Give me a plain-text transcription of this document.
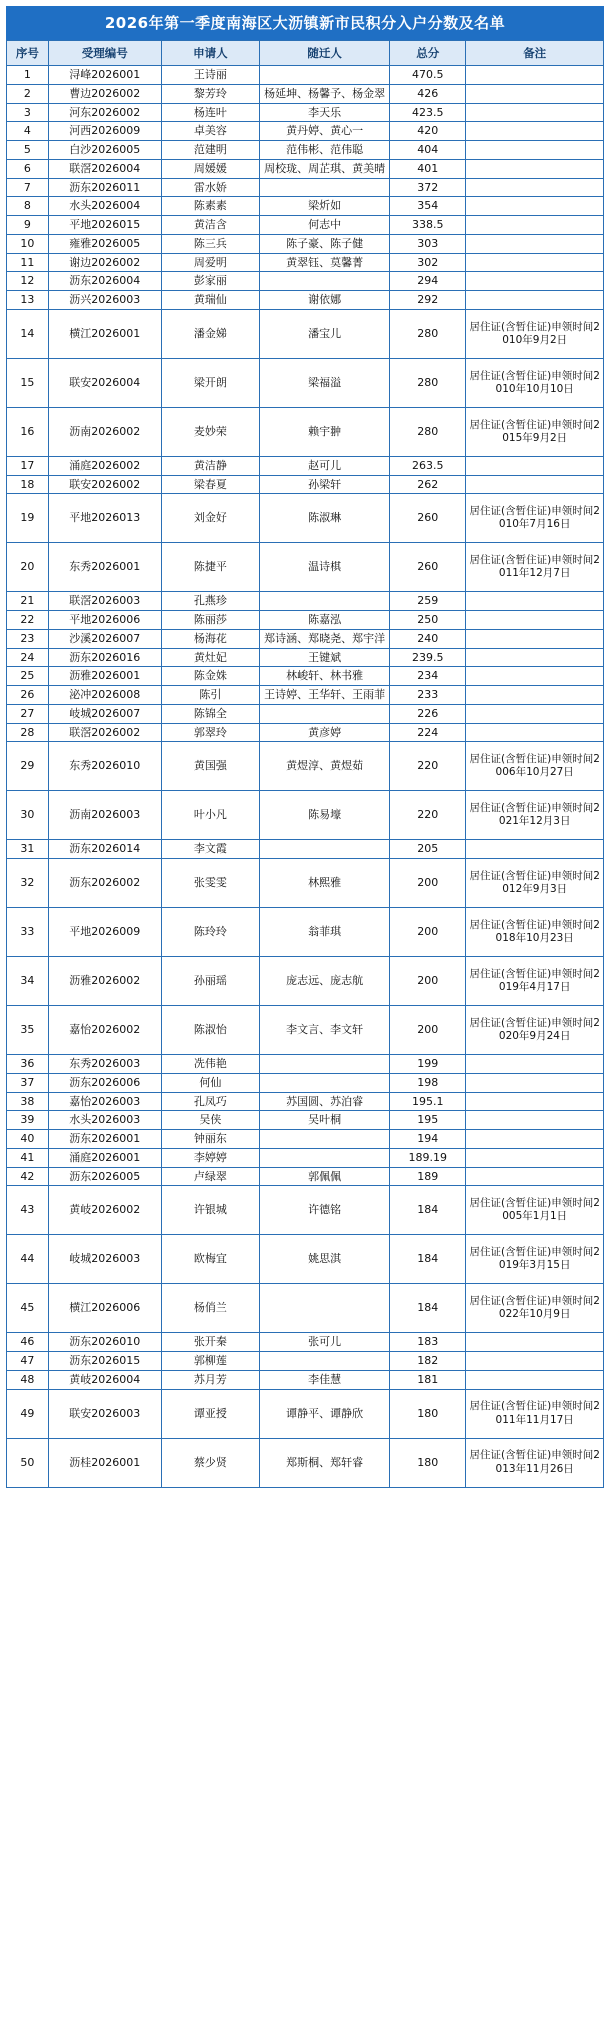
2026年第一季度南海区大沥镇新市民积分入户分数及名单
序号	受理编号	申请人	随迁人	总分	备注
1	浔峰2026001	王诗丽		470.5	
2	曹边2026002	黎芳玲	杨延坤、杨馨予、杨金翠	426	
3	河东2026002	杨连叶	李天乐	423.5	
4	河西2026009	卓美容	黄丹婷、黄心一	420	
5	白沙2026005	范建明	范伟彬、范伟聪	404	
6	联滘2026004	周媛媛	周校珑、周芷琪、黄美晴	401	
7	沥东2026011	雷水娇		372	
8	水头2026004	陈素素	梁炘如	354	
9	平地2026015	黄洁含	何志中	338.5	
10	雍雅2026005	陈三兵	陈子豪、陈子健	303	
11	谢边2026002	周爱明	黄翠钰、莫馨菁	302	
12	沥东2026004	彭家丽		294	
13	沥兴2026003	黄瑞仙	谢依娜	292	
14	横江2026001	潘金娣	潘宝儿	280	居住证(含暂住证)申领时间2010年9月2日
15	联安2026004	梁开朗	梁福溢	280	居住证(含暂住证)申领时间2010年10月10日
16	沥南2026002	麦妙荣	赖宇翀	280	居住证(含暂住证)申领时间2015年9月2日
17	涌庭2026002	黄洁静	赵可儿	263.5	
18	联安2026002	梁春夏	孙梁轩	262	
19	平地2026013	刘金好	陈淑琳	260	居住证(含暂住证)申领时间2010年7月16日
20	东秀2026001	陈捷平	温诗棋	260	居住证(含暂住证)申领时间2011年12月7日
21	联滘2026003	孔燕珍		259	
22	平地2026006	陈丽莎	陈嘉泓	250	
23	沙溪2026007	杨海花	郑诗涵、郑晓尧、郑宇洋	240	
24	沥东2026016	黄灶妃	王键斌	239.5	
25	沥雅2026001	陈金姝	林峻轩、林书雅	234	
26	泌冲2026008	陈引	王诗婷、王华轩、王雨菲	233	
27	岐城2026007	陈锦全		226	
28	联滘2026002	郭翠玲	黄彦婷	224	
29	东秀2026010	黄国强	黄煜淳、黄煜茹	220	居住证(含暂住证)申领时间2006年10月27日
30	沥南2026003	叶小凡	陈易壕	220	居住证(含暂住证)申领时间2021年12月3日
31	沥东2026014	李文霞		205	
32	沥东2026002	张雯雯	林熙雅	200	居住证(含暂住证)申领时间2012年9月3日
33	平地2026009	陈玲玲	翁菲琪	200	居住证(含暂住证)申领时间2018年10月23日
34	沥雅2026002	孙丽瑶	庞志远、庞志航	200	居住证(含暂住证)申领时间2019年4月17日
35	嘉怡2026002	陈淑怡	李文言、李文轩	200	居住证(含暂住证)申领时间2020年9月24日
36	东秀2026003	冼伟艳		199	
37	沥东2026006	何仙		198	
38	嘉怡2026003	孔凤巧	苏国圆、苏泊睿	195.1	
39	水头2026003	吴侠	吴叶桐	195	
40	沥东2026001	钟丽东		194	
41	涌庭2026001	李婷婷		189.19	
42	沥东2026005	卢绿翠	郭佩佩	189	
43	黄岐2026002	许银城	许德铭	184	居住证(含暂住证)申领时间2005年1月1日
44	岐城2026003	欧梅宜	姚思淇	184	居住证(含暂住证)申领时间2019年3月15日
45	横江2026006	杨俏兰		184	居住证(含暂住证)申领时间2022年10月9日
46	沥东2026010	张开秦	张可儿	183	
47	沥东2026015	郭柳莲		182	
48	黄岐2026004	苏月芳	李佳慧	181	
49	联安2026003	谭亚授	谭静平、谭静欣	180	居住证(含暂住证)申领时间2011年11月17日
50	沥桂2026001	蔡少贤	郑斯桐、郑轩睿	180	居住证(含暂住证)申领时间2013年11月26日
